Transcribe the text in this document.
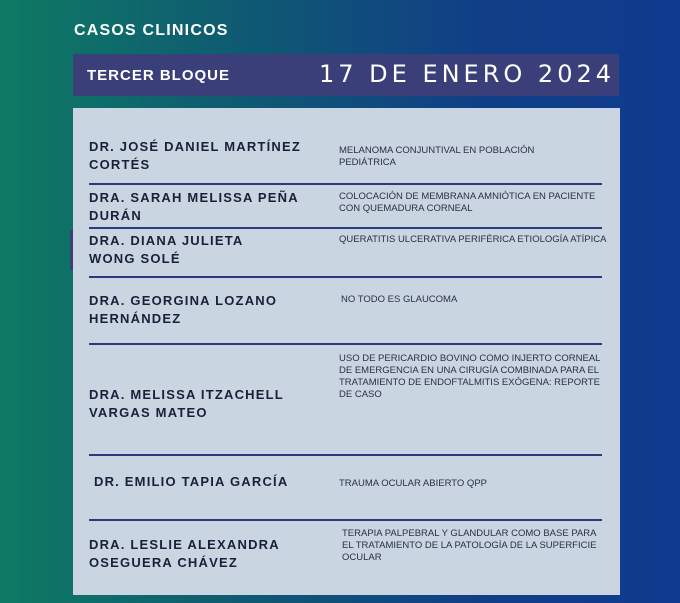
CASOS CLINICOS
TERCER BLOQUE	17 DE ENERO 2024
DR. JOSÉ DANIEL MARTÍNEZ
CORTÉS
MELANOMA CONJUNTIVAL EN POBLACIÓN
PEDIÁTRICA
DRA. SARAH MELISSA PEÑA
DURÁN
COLOCACIÓN DE MEMBRANA AMNIÓTICA EN PACIENTE
CON QUEMADURA CORNEAL
DRA. DIANA JULIETA
WONG SOLÉ
QUERATITIS ULCERATIVA PERIFÉRICA ETIOLOGÍA ATÍPICA
DRA. GEORGINA LOZANO
HERNÁNDEZ
NO TODO ES GLAUCOMA
DRA. MELISSA ITZACHELL
VARGAS MATEO
USO DE PERICARDIO BOVINO COMO INJERTO CORNEAL
DE EMERGENCIA EN UNA CIRUGÍA COMBINADA PARA EL
TRATAMIENTO DE ENDOFTALMITIS EXÓGENA: REPORTE
DE CASO
DR. EMILIO TAPIA GARCÍA	TRAUMA OCULAR ABIERTO QPP
DRA. LESLIE ALEXANDRA
OSEGUERA CHÁVEZ
TERAPIA PALPEBRAL Y GLANDULAR COMO BASE PARA
EL TRATAMIENTO DE LA PATOLOGÍA DE LA SUPERFICIE
OCULAR
